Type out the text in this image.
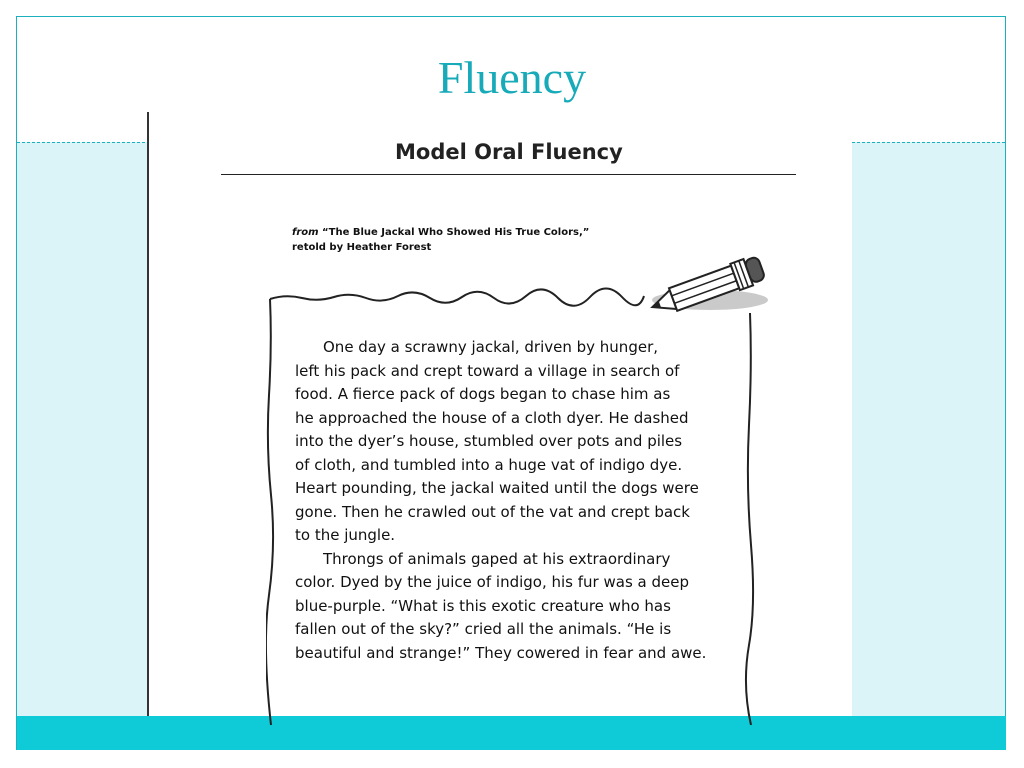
Fluency
Model Oral Fluency
from “The Blue Jackal Who Showed His True Colors,”
retold by Heather Forest

One day a scrawny jackal, driven by hunger,
left his pack and crept toward a village in search of
food. A fierce pack of dogs began to chase him as
he approached the house of a cloth dyer. He dashed
into the dyer’s house, stumbled over pots and piles
of cloth, and tumbled into a huge vat of indigo dye.
Heart pounding, the jackal waited until the dogs were
gone. Then he crawled out of the vat and crept back
to the jungle.

Throngs of animals gaped at his extraordinary
color. Dyed by the juice of indigo, his fur was a deep
blue-purple. “What is this exotic creature who has
fallen out of the sky?” cried all the animals. “He is
beautiful and strange!” They cowered in fear and awe.
